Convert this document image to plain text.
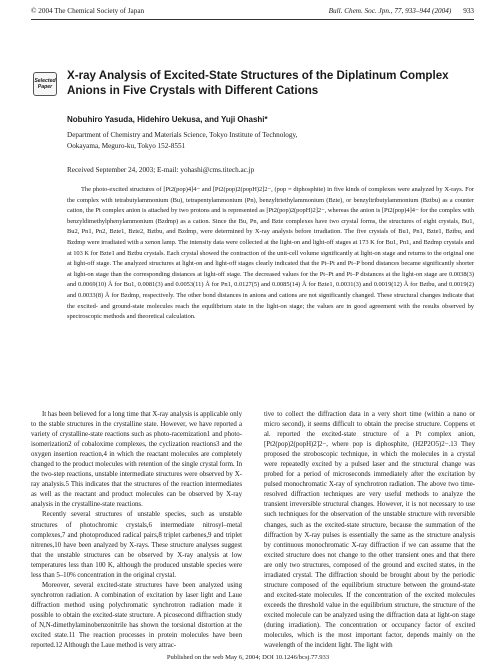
© 2004 The Chemical Society of Japan	Bull. Chem. Soc. Jpn., 77, 933–944 (2004) 933
Selected
Paper
X-ray Analysis of Excited-State Structures of the Diplatinum Complex Anions in Five Crystals with Different Cations

Nobuhiro Yasuda, Hidehiro Uekusa, and Yuji Ohashi*

Department of Chemistry and Materials Science, Tokyo Institute of Technology,
Ookayama, Meguro-ku, Tokyo 152-8551

Received September 24, 2003; E-mail: yohashi@cms.titech.ac.jp

The photo-excited structures of [Pt2(pop)4]4− and [Pt2(pop)2(popH)2]2−, (pop = diphosphite) in five kinds of complexes were analyzed by X-rays. For the complex with tetrabutylammonium (Bu), tetrapentylammonium (Pn), benzyltriethylammonium (Bzte), or benzyltributylammonium (Bztbu) as a counter cation, the Pt complex anion is attached by two protons and is represented as [Pt2(pop)2(popH)2]2−, whereas the anion is [Pt2(pop)4]4− for the complex with benzyldimethylphenylammonium (Bzdmp) as a cation. Since the Bu, Pn, and Bzte complexes have two crystal forms, the structures of eight crystals, Bu1, Bu2, Pn1, Pn2, Bzte1, Bzte2, Bztbu, and Bzdmp, were determined by X-ray analysis before irradiation. The five crystals of Bu1, Pn1, Bzte1, Bztbu, and Bzdmp were irradiated with a xenon lamp. The intensity data were collected at the light-on and light-off stages at 173 K for Bu1, Pn1, and Bzdmp crystals and at 103 K for Bzte1 and Bztbu crystals. Each crystal showed the contraction of the unit-cell volume significantly at light-on stage and returns to the original one at light-off stage. The analyzed structures at light-on and light-off stages clearly indicated that the Pt–Pt and Pt–P bond distances became significantly shorter at light-on stage than the corresponding distances at light-off stage. The decreased values for the Pt–Pt and Pt–P distances at the light-on stage are 0.0038(3) and 0.0069(10) Å for Bu1, 0.0081(3) and 0.0053(11) Å for Pn1, 0.0127(5) and 0.0085(14) Å for Bzte1, 0.0031(3) and 0.0019(12) Å for Bztbu, and 0.0019(2) and 0.0033(8) Å for Bzdmp, respectively. The other bond distances in anions and cations are not significantly changed. These structural changes indicate that the excited- and ground-state molecules reach the equilibrium state in the light-on stage; the values are in good agreement with the results observed by spectroscopic methods and theoretical calculation.

It has been believed for a long time that X-ray analysis is applicable only to the stable structures in the crystalline state. However, we have reported a variety of crystalline-state reactions such as photo-racemization1 and photo-isomerization2 of cobaloxime complexes, the cyclization reactions3 and the oxygen insertion reaction,4 in which the reactant molecules are completely changed to the product molecules with retention of the single crystal form. In the two-step reactions, unstable intermediate structures were observed by X-ray analysis.5 This indicates that the structures of the reaction intermediates as well as the reactant and product molecules can be observed by X-ray analysis in the crystalline-state reactions.

Recently several structures of unstable species, such as unstable structures of photochromic crystals,6 intermediate nitrosyl–metal complexes,7 and photoproduced radical pairs,8 triplet carbenes,9 and triplet nitrenes,10 have been analyzed by X-rays. These structure analyses suggest that the unstable structures can be observed by X-ray analysis at low temperatures less than 100 K, although the produced unstable species were less than 5–10% concentration in the original crystal.

Moreover, several excited-state structures have been analyzed using synchrotron radiation. A combination of excitation by laser light and Laue diffraction method using polychromatic synchrotron radiation made it possible to obtain the excited-state structure. A picosecond diffraction study of N,N-dimethylaminobenzonitrile has shown the torsional distortion at the excited state.11 The reaction processes in protein molecules have been reported.12 Although the Laue method is very attrac-

tive to collect the diffraction data in a very short time (within a nano or micro second), it seems difficult to obtain the precise structure. Coppens et al. reported the excited-state structure of a Pt complex anion, [Pt2(pop)2(popH)2]2−, where pop is diphosphite, (H2P2O5)2−.13 They proposed the stroboscopic technique, in which the molecules in a crystal were repeatedly excited by a pulsed laser and the structural change was probed for a period of microseconds immediately after the excitation by pulsed monochromatic X-ray of synchrotron radiation. The above two time-resolved diffraction techniques are very useful methods to analyze the transient irreversible structural changes. However, it is not necessary to use such techniques for the observation of the unstable structure with reversible changes, such as the excited-state structure, because the summation of the diffraction by X-ray pulses is essentially the same as the structure analysis by continuous monochromatic X-ray diffraction if we can assume that the excited structure does not change to the other transient ones and that there are only two structures, composed of the ground and excited states, in the irradiated crystal. The diffraction should be brought about by the periodic structure composed of the equilibrium structure between the ground-state and excited-state molecules. If the concentration of the excited molecules exceeds the threshold value in the equilibrium structure, the structure of the excited molecule can be analyzed using the diffraction data at light-on stage (during irradiation). The concentration or occupancy factor of excited molecules, which is the most important factor, depends mainly on the wavelength of the incident light. The light with

Published on the web May 6, 2004; DOI 10.1246/bcsj.77.933
